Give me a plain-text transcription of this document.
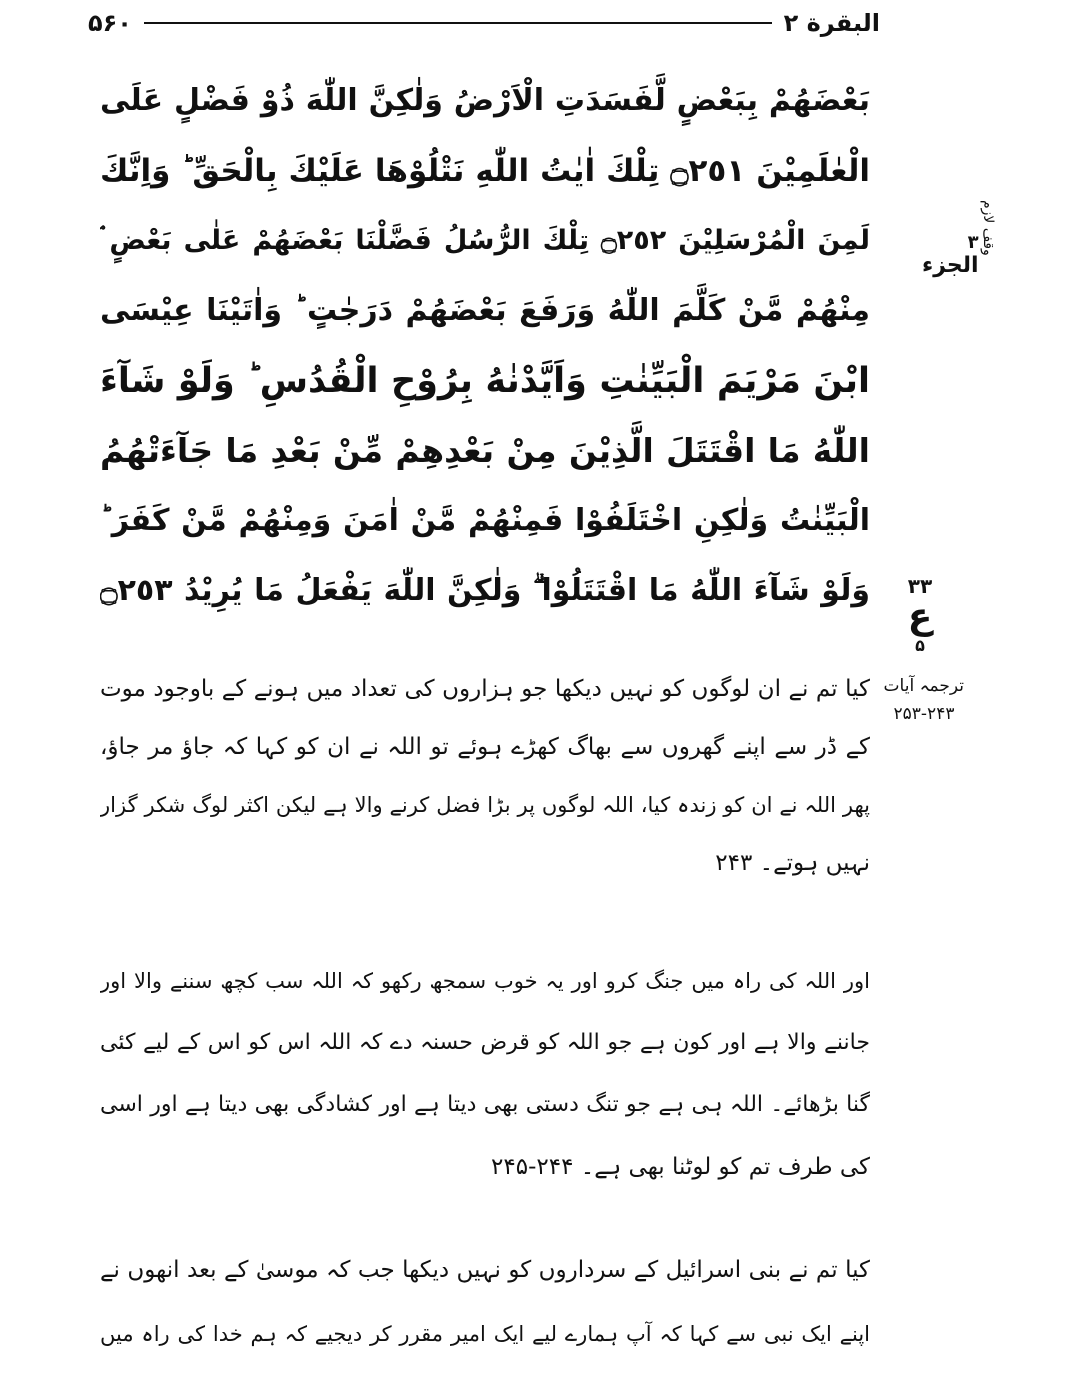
۵۶۰	البقرة ۲
بَعْضَهُمْ بِبَعْضٍ لَّفَسَدَتِ الْاَرْضُ وَلٰكِنَّ اللّٰهَ ذُوْ فَضْلٍ عَلَى
الْعٰلَمِيْنَ ۝٢٥١ تِلْكَ اٰيٰتُ اللّٰهِ نَتْلُوْهَا عَلَيْكَ بِالْحَقِّ ؕ وَاِنَّكَ
لَمِنَ الْمُرْسَلِيْنَ ۝٢٥٢ تِلْكَ الرُّسُلُ فَضَّلْنَا بَعْضَهُمْ عَلٰى بَعْضٍ ۘ
مِنْهُمْ مَّنْ كَلَّمَ اللّٰهُ وَرَفَعَ بَعْضَهُمْ دَرَجٰتٍ ؕ وَاٰتَيْنَا عِيْسَى
ابْنَ مَرْيَمَ الْبَيِّنٰتِ وَاَيَّدْنٰهُ بِرُوْحِ الْقُدُسِ ؕ وَلَوْ شَآءَ
اللّٰهُ مَا اقْتَتَلَ الَّذِيْنَ مِنْ بَعْدِهِمْ مِّنْ بَعْدِ مَا جَآءَتْهُمُ
الْبَيِّنٰتُ وَلٰكِنِ اخْتَلَفُوْا فَمِنْهُمْ مَّنْ اٰمَنَ وَمِنْهُمْ مَّنْ كَفَرَ ؕ
وَلَوْ شَآءَ اللّٰهُ مَا اقْتَتَلُوْا ۗ وَلٰكِنَّ اللّٰهَ يَفْعَلُ مَا يُرِيْدُ ۝٢٥٣
وقف لازم
۳
الجزء
۳۳
ع
۵
ترجمہ آیات
۲۵۳-۲۴۳
کیا تم نے ان لوگوں کو نہیں دیکھا جو ہزاروں کی تعداد میں ہونے کے باوجود موت
کے ڈر سے اپنے گھروں سے بھاگ کھڑے ہوئے تو اللہ نے ان کو کہا کہ جاؤ مر جاؤ،
پھر اللہ نے ان کو زندہ کیا، اللہ لوگوں پر بڑا فضل کرنے والا ہے لیکن اکثر لوگ شکر گزار
نہیں ہوتے۔ ۲۴۳
اور اللہ کی راہ میں جنگ کرو اور یہ خوب سمجھ رکھو کہ اللہ سب کچھ سننے والا اور
جاننے والا ہے اور کون ہے جو اللہ کو قرض حسنہ دے کہ اللہ اس کو اس کے لیے کئی
گنا بڑھائے۔ اللہ ہی ہے جو تنگ دستی بھی دیتا ہے اور کشادگی بھی دیتا ہے اور اسی
کی طرف تم کو لوٹنا بھی ہے۔ ۲۴۴-۲۴۵
کیا تم نے بنی اسرائیل کے سرداروں کو نہیں دیکھا جب کہ موسیٰ کے بعد انھوں نے
اپنے ایک نبی سے کہا کہ آپ ہمارے لیے ایک امیر مقرر کر دیجیے کہ ہم خدا کی راہ میں
